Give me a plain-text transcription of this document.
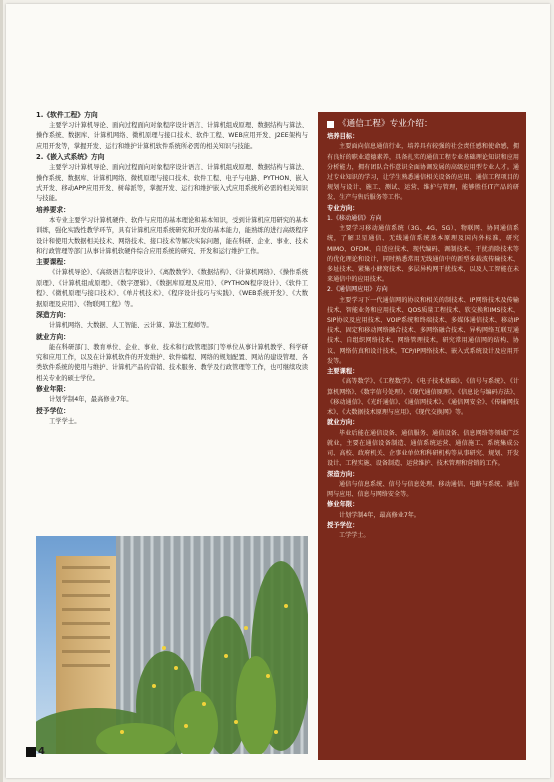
1.《软件工程》方向

主要学习计算机导论、面向过程面向对象程序设计语言、计算机组成原理、数据结构与算法、操作系统、数据库、计算机网络、微机原理与接口技术、软件工程、WEB应用开发、J2EE架构与应用开发等，掌握开发、运行和维护计算机软件系统所必需的相关知识与技能。

2.《嵌入式系统》方向

主要学习计算机导论、面向过程面向对象程序设计语言、计算机组成原理、数据结构与算法、操作系统、数据库、计算机网络、微机原理与接口技术、软件工程、电子与电路、PYTHON、嵌入式开发、移动APP应用开发、树莓派等，掌握开发、运行和维护嵌入式应用系统所必需的相关知识与技能。

培养要求：

本专业主要学习计算机硬件、软件与应用的基本理论和基本知识，受到计算机应用研究的基本训练，强化实践性教学环节，具有计算机应用系统研究和开发的基本能力，能熟练的进行高级程序设计和使用大数据相关技术、网络技术、接口技术等解决实际问题，能在科研、企业、事业、技术和行政管理等部门从事计算机软硬件综合应用系统的研究、开发和运行维护工作。

主要课程：

《计算机导论》、《高级语言程序设计》、《离散数学》、《数据结构》、《计算机网络》、《操作系统原理》、《计算机组成原理》、《数字逻辑》、《数据库原理及应用》、《PYTHON程序设计》、《软件工程》、《微机原理与接口技术》、《单片机技术》、《程序设计技巧与实践》、《WEB系统开发》、《大数据原理及应用》、《物联网工程》等。

深造方向：

计算机网络、大数据、人工智能、云计算、算法工程师等。

就业方向：

能在科研部门、教育单位、企业、事业、技术和行政管理部门等单位从事计算机教学、科学研究和应用工作，以及在计算机软件的开发维护、软件编程、网络的规划配置、网站的建设管理、各类软件系统的使用与维护、计算机产品的营销、技术服务、教学及行政管理等工作，也可继续攻读相关专业的硕士学位。

修业年限：

计划学制4年，最高修业7年。

授予学位：

工学学士。

《通信工程》专业介绍：
培养目标：

主要面向信息通信行业，培养具有较强的社会责任感和使命感，拥有良好的职业道德素养，具备扎实的通信工程专业基础理论知识和应用分析能力，拥有团队合作意识全面协调发展的高级应用型专业人才。通过专业知识的学习，让学生熟悉通信相关设备的应用、通信工程项目的规划与设计、施工、测试、运营、维护与管理，能够胜任IT产品的研发、生产与售后服务等工作。

专业方向：
1.《移动通信》方向

主要学习移动通信系统（3G、4G、5G）、物联网、协同通信系统，了解卫星通信、无线通信系统基本原理及国内外标准，研究MIMO、OFDM、自适应技术、现代编码、调制技术、干扰消除技术等的优化理论和设计，同时熟悉常用无线通信中的新型多载波传输技术、多址技术、紧集小蜂窝技术、多层异构网干扰技术，以及人工智能在未来通信中的应用技术。

2.《通信网应用》方向

主要学习下一代通信网的协议和相关的制技术、IP网络技术及传输技术、智能业务和应用技术、QOS质量工程技术、软交换和IMS技术、SIP协议及应用技术、VOIP系统和终端技术、多媒体通信技术、移动IP技术、固定和移动网络融合技术、多网络融合技术、异构网络互联互通技术、自组织网络技术、网络管理技术，研究常用通信网的结构、协议、网络仿真和设计技术，TCP/IP网络技术、嵌入式系统设计及应用开发等。

主要课程：

《高等数学》、《工程数学》、《电子技术基础》、《信号与系统》、《计算机网络》、《数字信号处理》、《现代通信原理》、《信息论与编码方法》、《移动通信》、《光纤通信》、《通信网技术》、《通信网安全》、《传输网技术》、《大数据技术原理与应用》、《现代交换网》等。

就业方向：

毕业后能在通信设备、通信服务、通信设备、信息网络等领域广泛就业，主要在通信设备制造、通信系统运营、通信施工、系统集成公司、高校、政府机关、企事业单位和科研机构等从事研究、规划、开发设计、工程实施、设备制造、运营维护、技术管理和营销的工作。

深造方向：

通信与信息系统、信号与信息处理、移动通信、电路与系统、通信网与应用、信息与网络安全等。

修业年限：

计划学制4年，最高修业7年。

授予学位：

工学学士。

4
